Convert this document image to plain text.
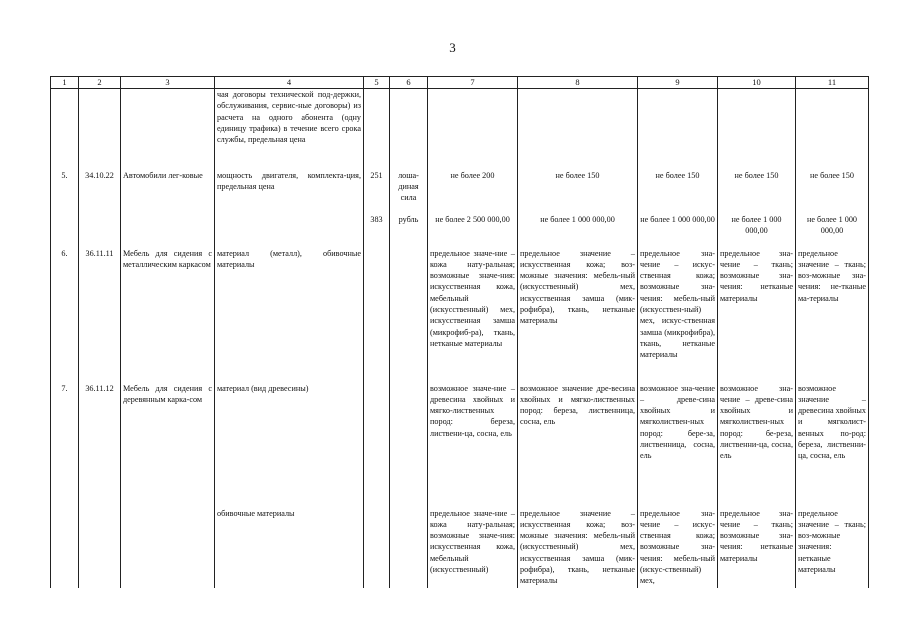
3
1	2	3	4	5	6	7	8	9	10	11
			чая договоры технической под-держки, обслуживания, сервис-ные договоры) из расчета на одного абонента (одну единицу трафика) в течение всего срока службы, предельная цена							
5.	34.10.22	Автомобили лег-ковые	мощность двигателя, комплекта-ция, предельная цена	251	лоша-диная сила	не более 200	не более 150	не более 150	не более 150	не более 150
				383	рубль	не более 2 500 000,00	не более 1 000 000,00	не более 1 000 000,00	не более 1 000 000,00	не более 1 000 000,00
6.	36.11.11	Мебель для сидения с металлическим каркасом	материал (металл), обивочные материалы			предельное значе-ние – кожа нату-ральная; возможные значе-ния: искусственная кожа, мебельный (искусственный) мех, искусственная замша (микрофиб-ра), ткань, нетканые материалы	предельное значение – искусственная кожа; воз-можные значения: мебель-ный (искусственный) мех, искусственная замша (мик-рофибра), ткань, нетканые материалы	предельное зна-чение – искус-ственная кожа; возможные зна-чения: мебель-ный (искусствен-ный) мех, искус-ственная замша (микрофибра), ткань, нетканые материалы	предельное зна-чение – ткань; возможные зна-чения: нетканые материалы	предельное значение – ткань; воз-можные зна-чения: не-тканые ма-териалы
7.	36.11.12	Мебель для сидения с деревянным карка-сом	материал (вид древесины)			возможное значе-ние – древесина хвойных и мягко-лиственных пород: береза, листвени-ца, сосна, ель	возможное значение дре-весина хвойных и мягко-лиственных пород: береза, лиственница, сосна, ель	возможное зна-чение – древе-сина хвойных и мягколиствен-ных пород: бере-за, лиственница, сосна, ель	возможное зна-чение – древе-сина хвойных и мягколиствен-ных пород: бе-реза, лиственни-ца, сосна, ель	возможное значение – древесина хвойных и мягколист-венных по-род: береза, лиственни-ца, сосна, ель
			обивочные материалы			предельное значе-ние – кожа нату-ральная; возможные значе-ния: искусственная кожа, мебельный (искусственный)	предельное значение – искусственная кожа; воз-можные значения: мебель-ный (искусственный) мех, искусственная замша (мик-рофибра), ткань, нетканые материалы	предельное зна-чение – искус-ственная кожа; возможные зна-чения: мебель-ный (искус-ственный) мех,	предельное зна-чение – ткань; возможные зна-чения: нетканые материалы	предельное значение – ткань; воз-можные значения: нетканые материалы
